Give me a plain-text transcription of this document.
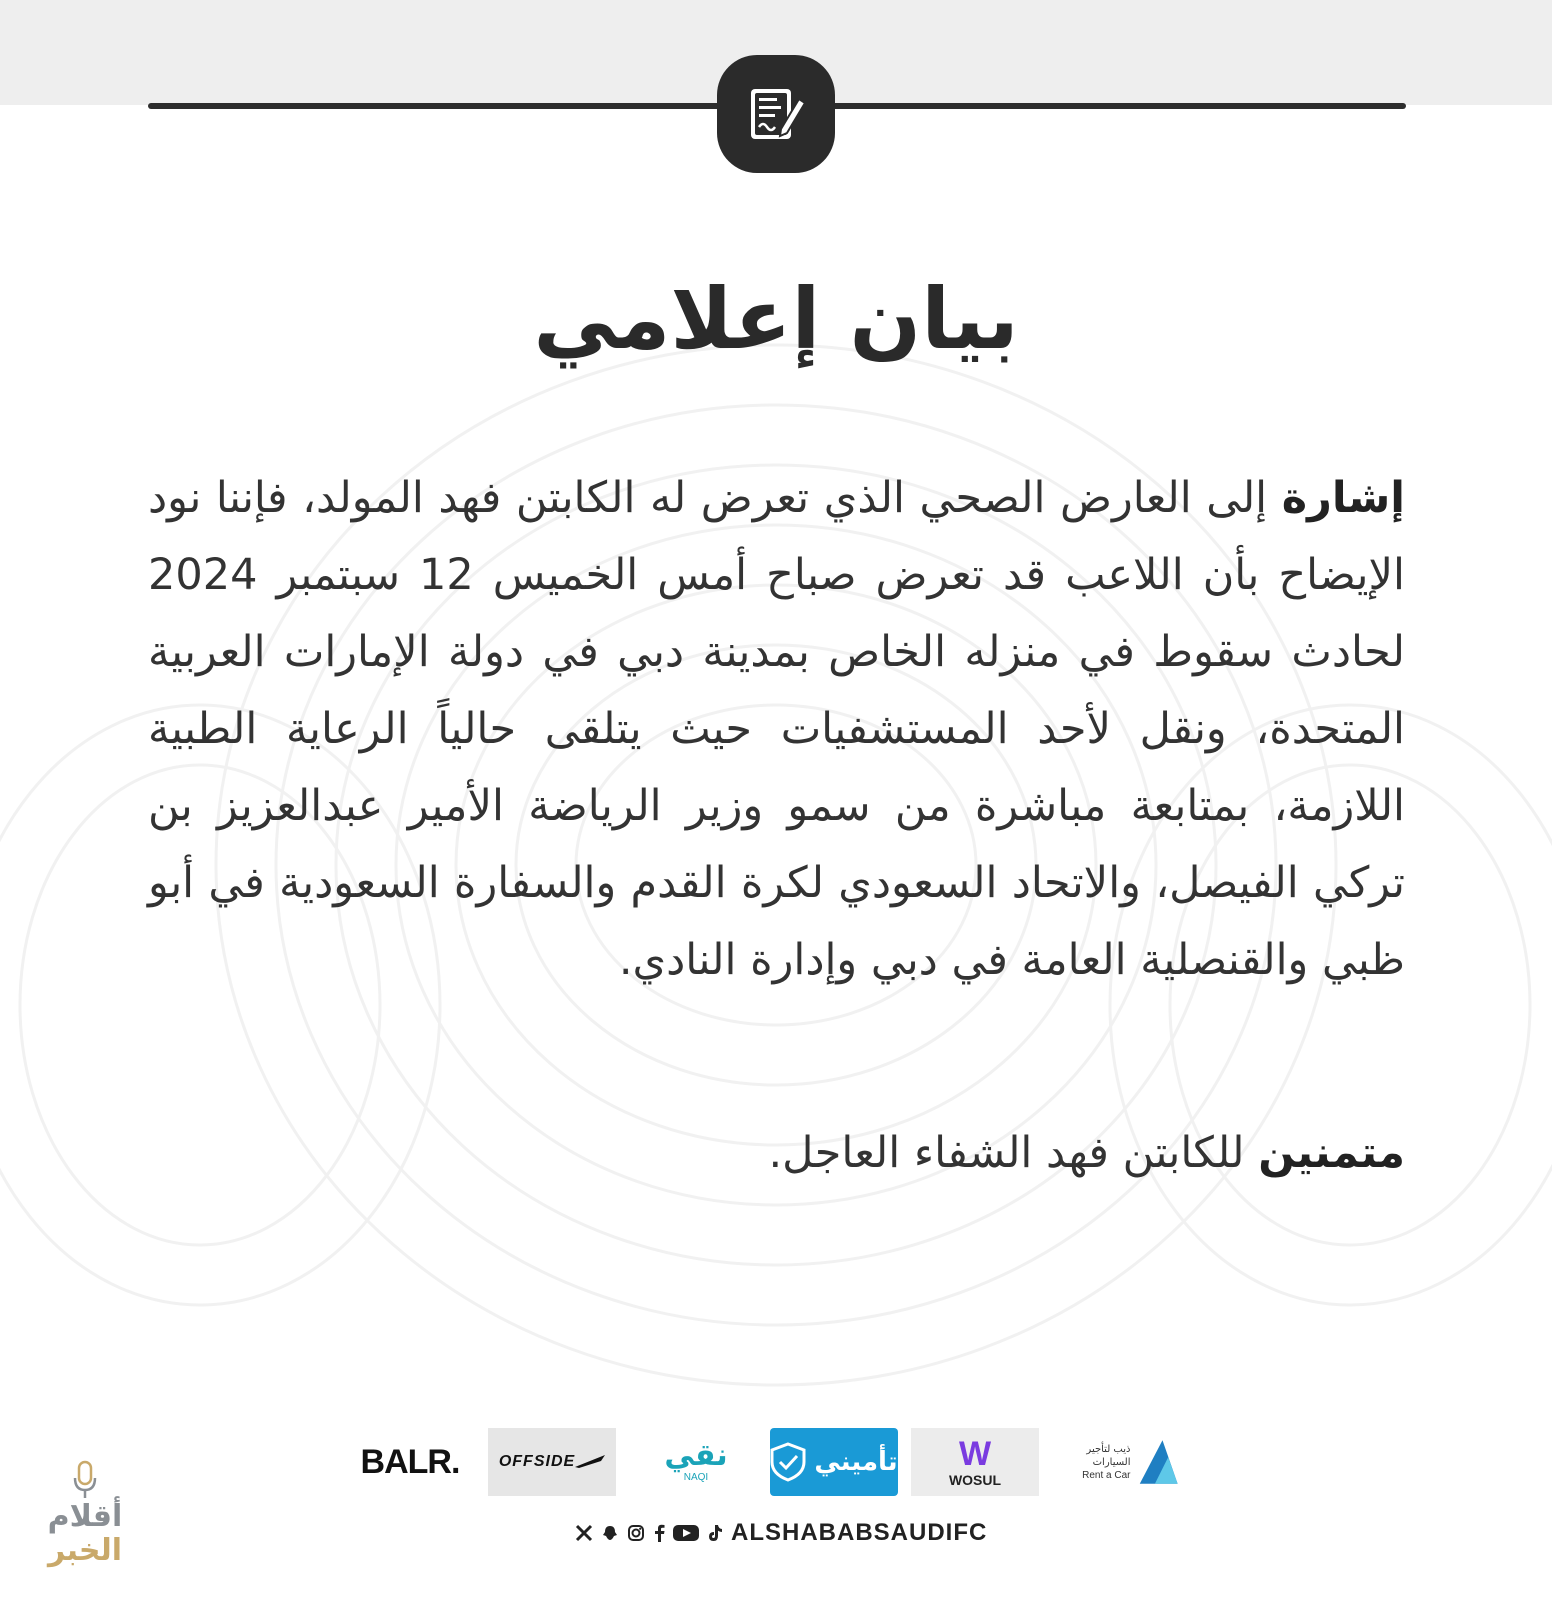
بيان إعلامي

إشارة إلى العارض الصحي الذي تعرض له الكابتن فهد المولد، فإننا نود الإيضاح بأن اللاعب قد تعرض صباح أمس الخميس 12 سبتمبر 2024 لحادث سقوط في منزله الخاص بمدينة دبي في دولة الإمارات العربية المتحدة، ونقل لأحد المستشفيات حيث يتلقى حالياً الرعاية الطبية اللازمة، بمتابعة مباشرة من سمو وزير الرياضة الأمير عبدالعزيز بن تركي الفيصل، والاتحاد السعودي لكرة القدم والسفارة السعودية في أبو ظبي والقنصلية العامة في دبي وإدارة النادي.

متمنين للكابتن فهد الشفاء العاجل.

BALR. OFFSIDE	نقي
NAQI
تأميني W
WOSUL
ذيب لتأجير السيارات
Rent a Car
ALSHABABSAUDIFC
أقلام
الخبر
